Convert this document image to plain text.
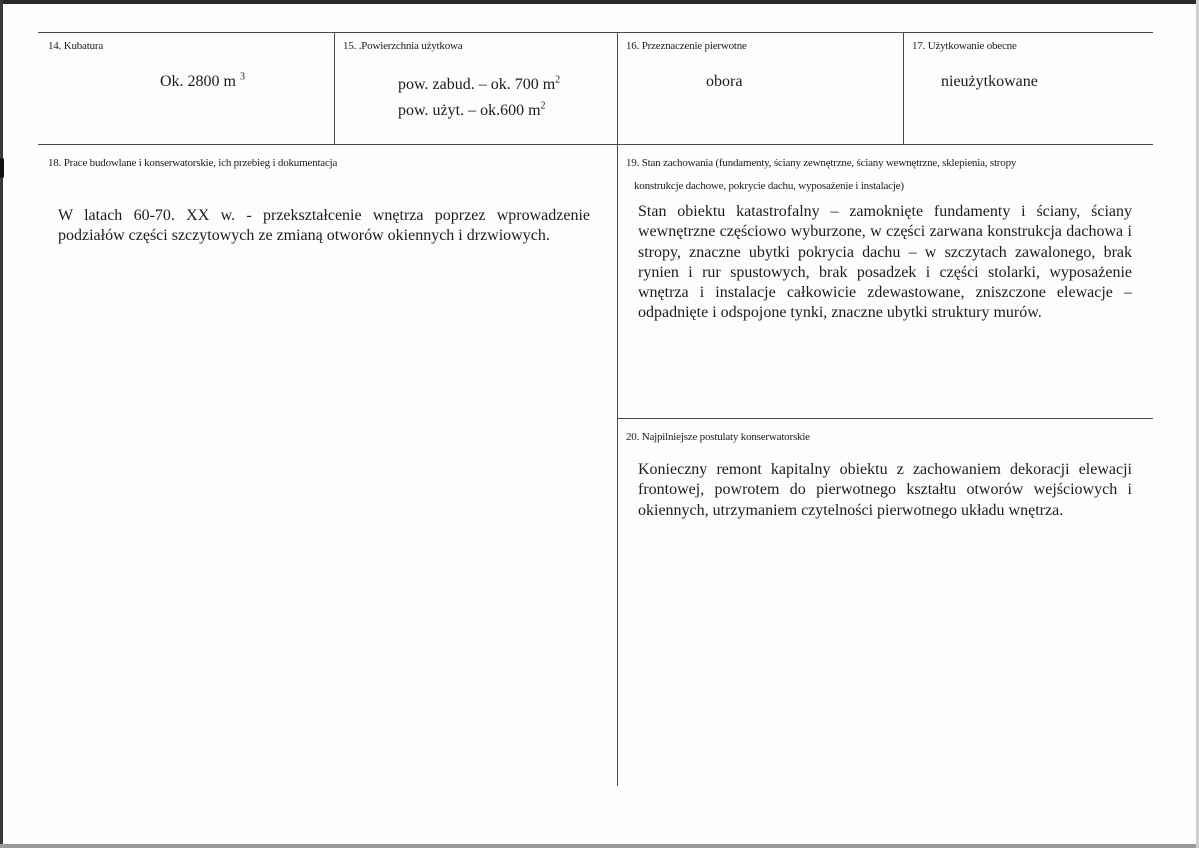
14. Kubatura
Ok. 2800 m $^3$
15. .Powierzchnia użytkowa
pow. zabud. – ok. 700 $m^2$
pow. użyt. – ok.600 $m^2$
16. Przeznaczenie pierwotne
obora
17. Użytkowanie obecne
nieużytkowane
18. Prace budowlane i konserwatorskie, ich przebieg i dokumentacja
W latach 60-70. XX w. - przekształcenie wnętrza poprzez wprowadzenie podziałów części szczytowych ze zmianą otworów okiennych i drzwiowych.
19. Stan zachowania (fundamenty, ściany zewnętrzne, ściany wewnętrzne, sklepienia, stropy
konstrukcje dachowe, pokrycie dachu, wyposażenie i instalacje)
Stan obiektu katastrofalny – zamoknięte fundamenty i ściany, ściany wewnętrzne częściowo wyburzone, w części zarwana konstrukcja dachowa i stropy, znaczne ubytki pokrycia dachu – w szczytach zawalonego, brak rynien i rur spustowych, brak posadzek i części stolarki, wyposażenie wnętrza i instalacje całkowicie zdewastowane, zniszczone elewacje – odpadnięte i odspojone tynki, znaczne ubytki struktury murów.
20. Najpilniejsze postulaty konserwatorskie
Konieczny remont kapitalny obiektu z zachowaniem dekoracji elewacji frontowej, powrotem do pierwotnego kształtu otworów wejściowych i okiennych, utrzymaniem czytelności pierwotnego układu wnętrza.
